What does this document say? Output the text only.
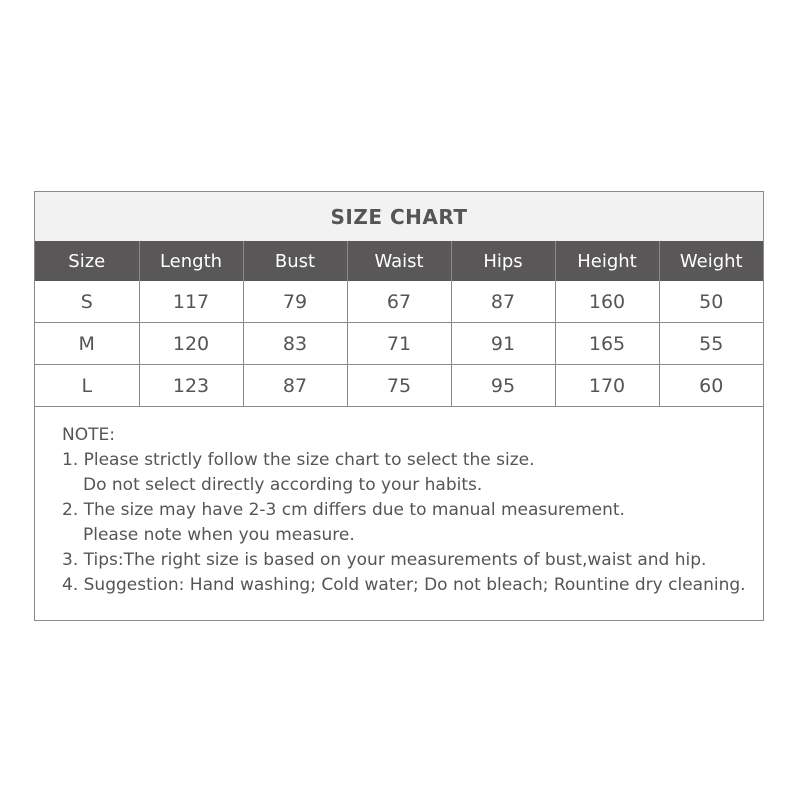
SIZE CHART
Size	Length	Bust	Waist	Hips	Height	Weight
S	117	79	67	87	160	50
M	120	83	71	91	165	55
L	123	87	75	95	170	60
NOTE:
1. Please strictly follow the size chart to select the size.
Do not select directly according to your habits.
2. The size may have 2-3 cm differs due to manual measurement.
Please note when you measure.
3. Tips:The right size is based on your measurements of bust,waist and hip.
4. Suggestion: Hand washing; Cold water; Do not bleach; Rountine dry cleaning.
